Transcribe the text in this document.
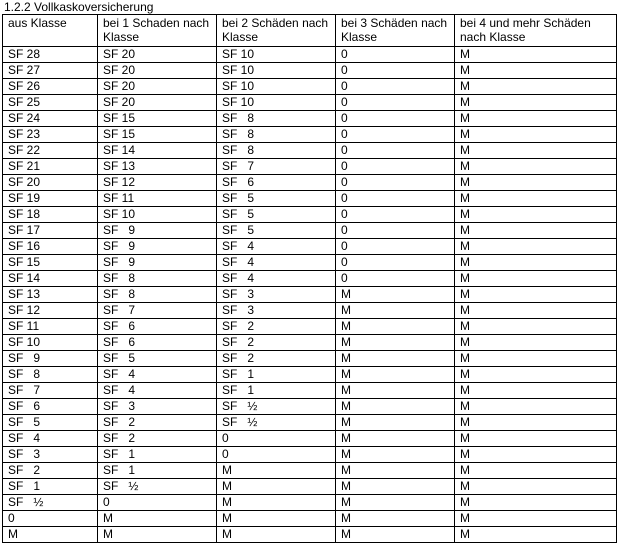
1.2.2 Vollkaskoversicherung
aus Klasse	bei 1 Schaden nach Klasse	bei 2 Schäden nach Klasse	bei 3 Schäden nach Klasse	bei 4 und mehr Schäden nach Klasse
SF 28	SF 20	SF 10	0	M
SF 27	SF 20	SF 10	0	M
SF 26	SF 20	SF 10	0	M
SF 25	SF 20	SF 10	0	M
SF 24	SF 15	SF   8	0	M
SF 23	SF 15	SF   8	0	M
SF 22	SF 14	SF   8	0	M
SF 21	SF 13	SF   7	0	M
SF 20	SF 12	SF   6	0	M
SF 19	SF 11	SF   5	0	M
SF 18	SF 10	SF   5	0	M
SF 17	SF   9	SF   5	0	M
SF 16	SF   9	SF   4	0	M
SF 15	SF   9	SF   4	0	M
SF 14	SF   8	SF   4	0	M
SF 13	SF   8	SF   3	M	M
SF 12	SF   7	SF   3	M	M
SF 11	SF   6	SF   2	M	M
SF 10	SF   6	SF   2	M	M
SF   9	SF   5	SF   2	M	M
SF   8	SF   4	SF   1	M	M
SF   7	SF   4	SF   1	M	M
SF   6	SF   3	SF   ½	M	M
SF   5	SF   2	SF   ½	M	M
SF   4	SF   2	0	M	M
SF   3	SF   1	0	M	M
SF   2	SF   1	M	M	M
SF   1	SF   ½	M	M	M
SF   ½	0	M	M	M
0	M	M	M	M
M	M	M	M	M
